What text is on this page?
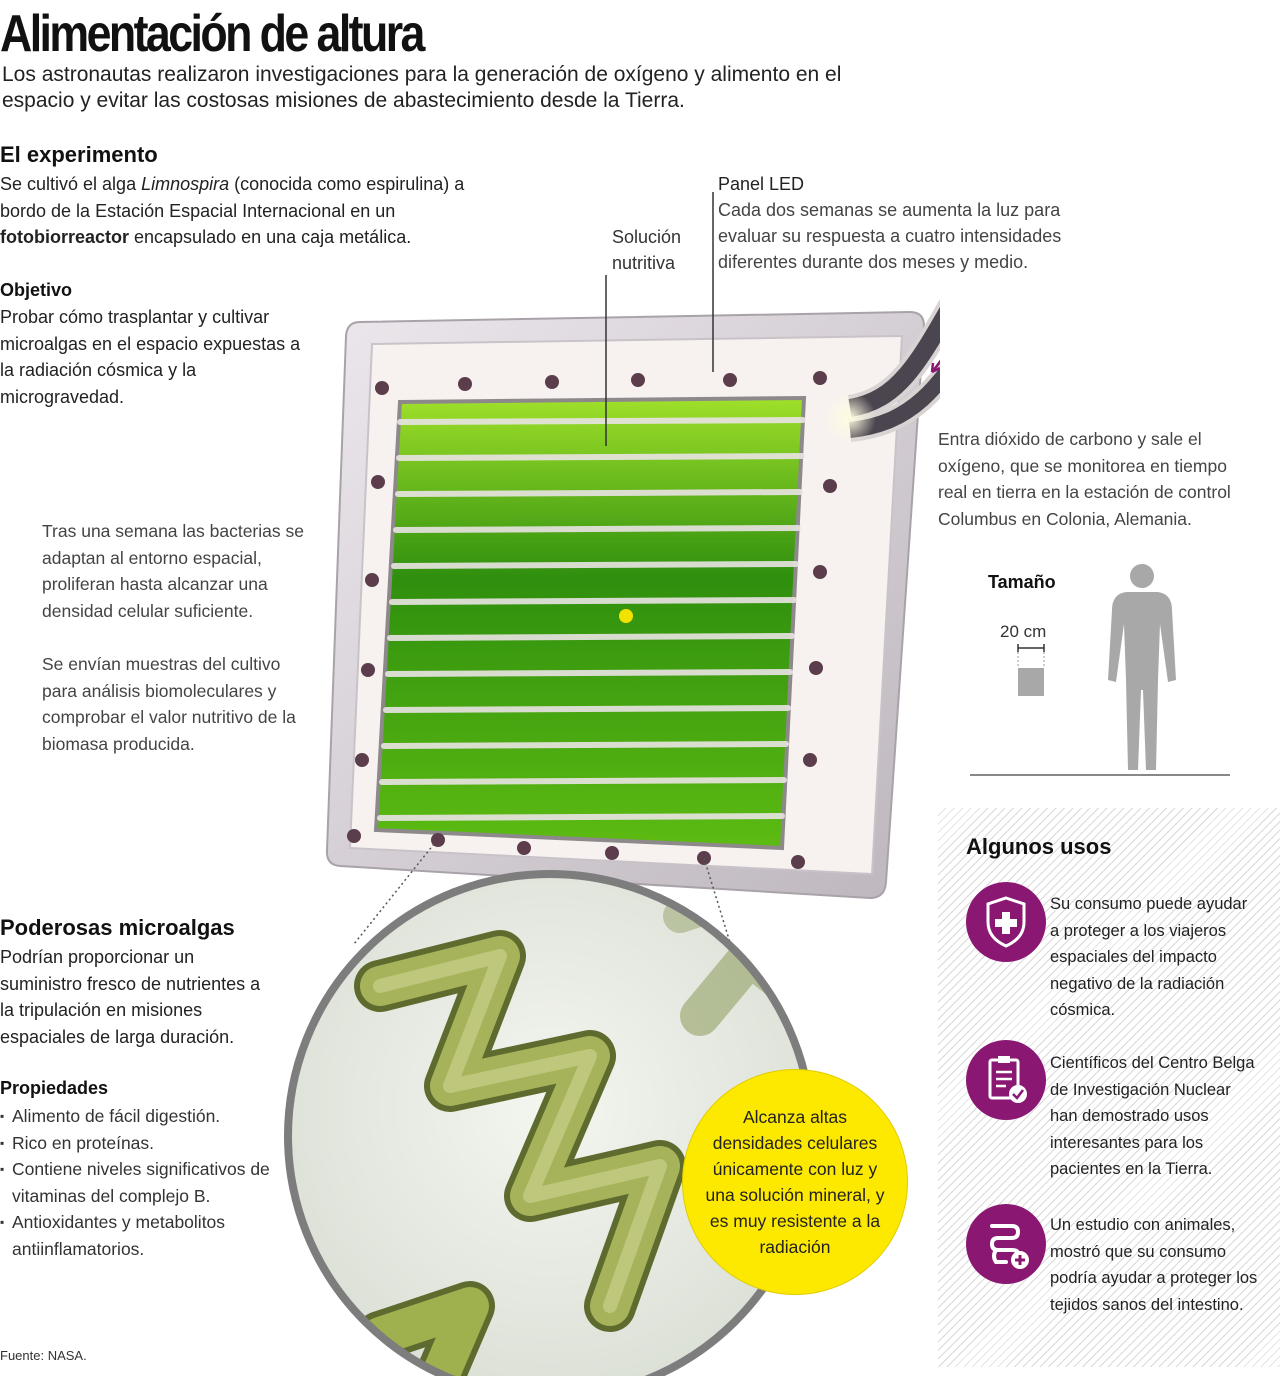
Alimentación de altura
Los astronautas realizaron investigaciones para la generación de oxígeno y alimento en el espacio y evitar las costosas misiones de abastecimiento desde la Tierra.
El experimento
Se cultivó el alga Limnospira (conocida como espirulina) a bordo de la Estación Espacial Internacional en un fotobiorreactor encapsulado en una caja metálica.
Objetivo
Probar cómo trasplantar y cultivar microalgas en el espacio expuestas a la radiación cósmica y la microgravedad.
Solución nutritiva
Panel LED
Cada dos semanas se aumenta la luz para evaluar su respuesta a cuatro intensidades diferentes durante dos meses y medio.
Tras una semana las bacterias se adaptan al entorno espacial, proliferan hasta alcanzar una densidad celular suficiente.
Se envían muestras del cultivo para análisis biomoleculares y comprobar el valor nutritivo de la biomasa producida.
Entra dióxido de carbono y sale el oxígeno, que se monitorea en tiempo real en tierra en la estación de control Columbus en Colonia, Alemania.
Tamaño
20 cm
Algunos usos
Su consumo puede ayudar a proteger a los viajeros espaciales del impacto negativo de la radiación cósmica.
Científicos del Centro Belga de Investigación Nuclear han demostrado usos interesantes para los pacientes en la Tierra.
Un estudio con animales, mostró que su consumo podría ayudar a proteger los tejidos sanos del intestino.
Alcanza altas densidades celulares únicamente con luz y una solución mineral, y es muy resistente a la radiación
Poderosas microalgas
Podrían proporcionar un suministro fresco de nutrientes a la tripulación en misiones espaciales de larga duración.
Propiedades
▪ Alimento de fácil digestión.
▪ Rico en proteínas.
▪ Contiene niveles significativos de vitaminas del complejo B.
▪ Antioxidantes y metabolitos antiinflamatorios.
Fuente: NASA.
